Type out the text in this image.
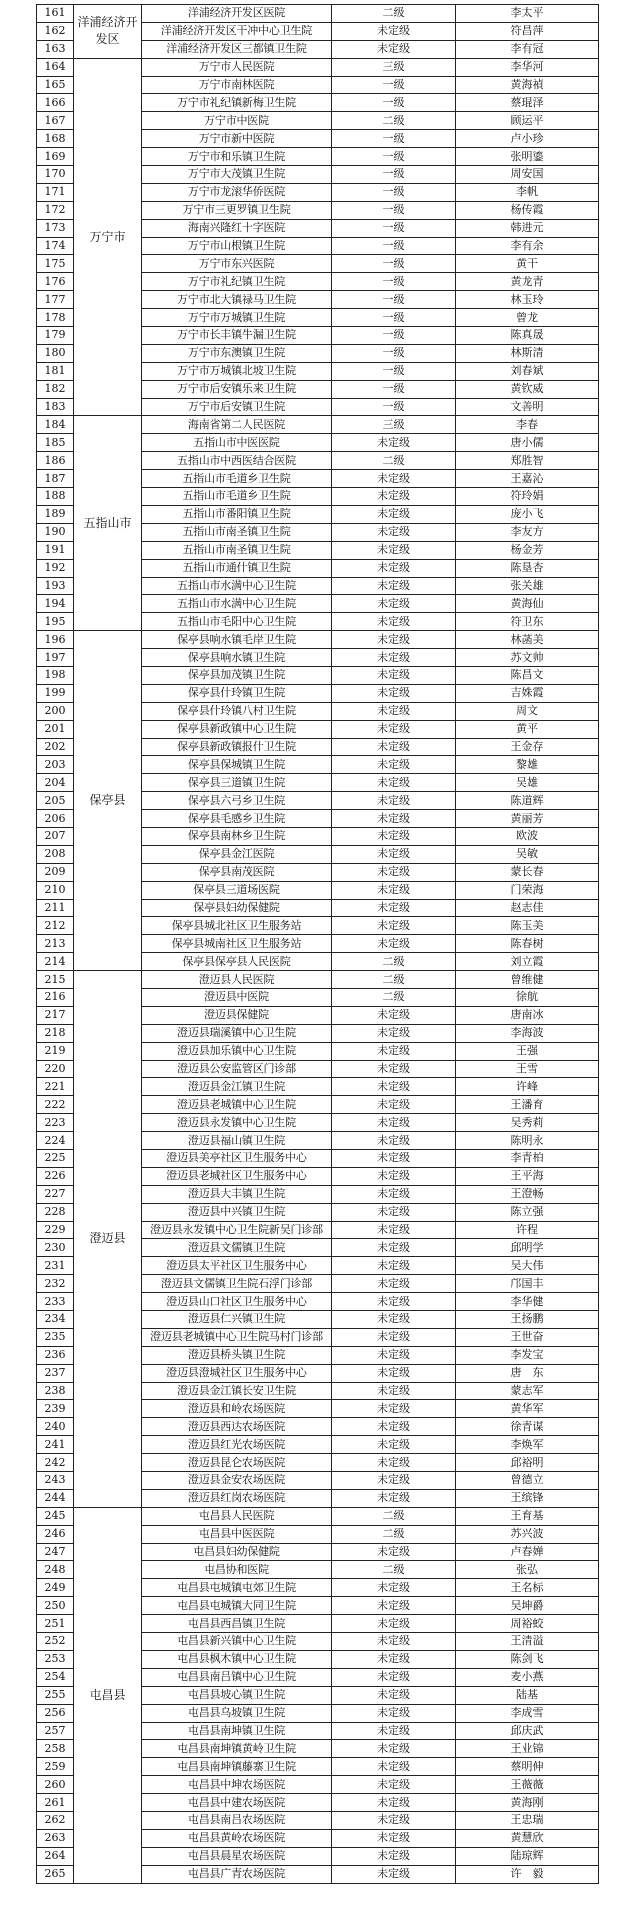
161	洋浦经济开发区	洋浦经济开发区医院	二级	李太平
162		洋浦经济开发区干冲中心卫生院	未定级	符昌萍
163		洋浦经济开发区三都镇卫生院	未定级	李有冠
164	万宁市	万宁市人民医院	三级	李华河
165		万宁市南林医院	一级	黄海禎
166		万宁市礼纪镇新梅卫生院	一级	蔡琨泽
167		万宁市中医院	二级	顾运平
168		万宁市新中医院	一级	卢小珍
169		万宁市和乐镇卫生院	一级	张明鎏
170		万宁市大茂镇卫生院	一级	周安国
171		万宁市龙滚华侨医院	一级	李帆
172		万宁市三更罗镇卫生院	一级	杨传霞
173		海南兴隆红十字医院	一级	韩进元
174		万宁市山根镇卫生院	一级	李有余
175		万宁市东兴医院	一级	黄干
176		万宁市礼纪镇卫生院	一级	黄龙青
177		万宁市北大镇禄马卫生院	一级	林玉玲
178		万宁市万城镇卫生院	一级	曾龙
179		万宁市长丰镇牛漏卫生院	一级	陈真晟
180		万宁市东澳镇卫生院	一级	林斯清
181		万宁市万城镇北坡卫生院	一级	刘春斌
182		万宁市后安镇乐来卫生院	一级	黄钦威
183		万宁市后安镇卫生院	一级	文善明
184	五指山市	海南省第二人民医院	三级	李春
185		五指山市中医医院	未定级	唐小儒
186		五指山市中西医结合医院	二级	郑胜智
187		五指山市毛道乡卫生院	未定级	王嘉沁
188		五指山市毛道乡卫生院	未定级	符玲娟
189		五指山市番阳镇卫生院	未定级	庞小飞
190		五指山市南圣镇卫生院	未定级	李友方
191		五指山市南圣镇卫生院	未定级	杨金芳
192		五指山市通什镇卫生院	未定级	陈垦杏
193		五指山市水满中心卫生院	未定级	张关雄
194		五指山市水满中心卫生院	未定级	黄海仙
195		五指山市毛阳中心卫生院	未定级	符卫东
196	保亭县	保亭县响水镇毛岸卫生院	未定级	林菡美
197		保亭县响水镇卫生院	未定级	苏文帅
198		保亭县加茂镇卫生院	未定级	陈昌文
199		保亭县什玲镇卫生院	未定级	吉姝霞
200		保亭县什玲镇八村卫生院	未定级	周文
201		保亭县新政镇中心卫生院	未定级	黄平
202		保亭县新政镇报什卫生院	未定级	王金存
203		保亭县保城镇卫生院	未定级	黎雄
204		保亭县三道镇卫生院	未定级	吴雄
205		保亭县六弓乡卫生院	未定级	陈道辉
206		保亭县毛感乡卫生院	未定级	黄丽芳
207		保亭县南林乡卫生院	未定级	欧波
208		保亭县金江医院	未定级	吴敏
209		保亭县南茂医院	未定级	蒙长春
210		保亭县三道场医院	未定级	门荣海
211		保亭县妇幼保健院	未定级	赵志佳
212		保亭县城北社区卫生服务站	未定级	陈玉美
213		保亭县城南社区卫生服务站	未定级	陈春树
214		保亭县保亭县人民医院	二级	刘立霞
215	澄迈县	澄迈县人民医院	二级	曾维健
216		澄迈县中医院	二级	徐航
217		澄迈县保健院	未定级	唐南冰
218		澄迈县瑞溪镇中心卫生院	未定级	李海波
219		澄迈县加乐镇中心卫生院	未定级	王强
220		澄迈县公安监管区门诊部	未定级	王雪
221		澄迈县金江镇卫生院	未定级	许峰
222		澄迈县老城镇中心卫生院	未定级	王潘育
223		澄迈县永发镇中心卫生院	未定级	吴秀莉
224		澄迈县福山镇卫生院	未定级	陈明永
225		澄迈县美亭社区卫生服务中心	未定级	李青柏
226		澄迈县老城社区卫生服务中心	未定级	王平海
227		澄迈县大丰镇卫生院	未定级	王澄畅
228		澄迈县中兴镇卫生院	未定级	陈立强
229		澄迈县永发镇中心卫生院新吴门诊部	未定级	许程
230		澄迈县文儒镇卫生院	未定级	邱明学
231		澄迈县太平社区卫生服务中心	未定级	吴大伟
232		澄迈县文儒镇卫生院石浮门诊部	未定级	邝国丰
233		澄迈县山口社区卫生服务中心	未定级	李华健
234		澄迈县仁兴镇卫生院	未定级	王扬鹏
235		澄迈县老城镇中心卫生院马村门诊部	未定级	王世奋
236		澄迈县桥头镇卫生院	未定级	李发宝
237		澄迈县澄城社区卫生服务中心	未定级	唐　东
238		澄迈县金江镇长安卫生院	未定级	蒙志军
239		澄迈县和岭农场医院	未定级	黄华军
240		澄迈县西达农场医院	未定级	徐青谋
241		澄迈县红光农场医院	未定级	李焕军
242		澄迈县昆仑农场医院	未定级	邱裕明
243		澄迈县金安农场医院	未定级	曾德立
244		澄迈县红岗农场医院	未定级	王缤锋
245	屯昌县	屯昌县人民医院	二级	王育基
246		屯昌县中医医院	二级	苏兴波
247		屯昌县妇幼保健院	未定级	卢春婵
248		屯昌协和医院	二级	张弘
249		屯昌县屯城镇屯郊卫生院	未定级	王名标
250		屯昌县屯城镇大同卫生院	未定级	吴坤爵
251		屯昌县西昌镇卫生院	未定级	周裕蛟
252		屯昌县新兴镇中心卫生院	未定级	王清溢
253		屯昌县枫木镇中心卫生院	未定级	陈剑飞
254		屯昌县南吕镇中心卫生院	未定级	麦小燕
255		屯昌县坡心镇卫生院	未定级	陆基
256		屯昌县乌坡镇卫生院	未定级	李成雪
257		屯昌县南坤镇卫生院	未定级	邱庆武
258		屯昌县南坤镇黄岭卫生院	未定级	王业锦
259		屯昌县南坤镇藤寨卫生院	未定级	蔡明伸
260		屯昌县中坤农场医院	未定级	王薇薇
261		屯昌县中建农场医院	未定级	黄海刚
262		屯昌县南吕农场医院	未定级	王忠瑞
263		屯昌县黄岭农场医院	未定级	黄慧欣
264		屯昌县晨星农场医院	未定级	陆琼辉
265		屯昌县广青农场医院	未定级	许　毅
